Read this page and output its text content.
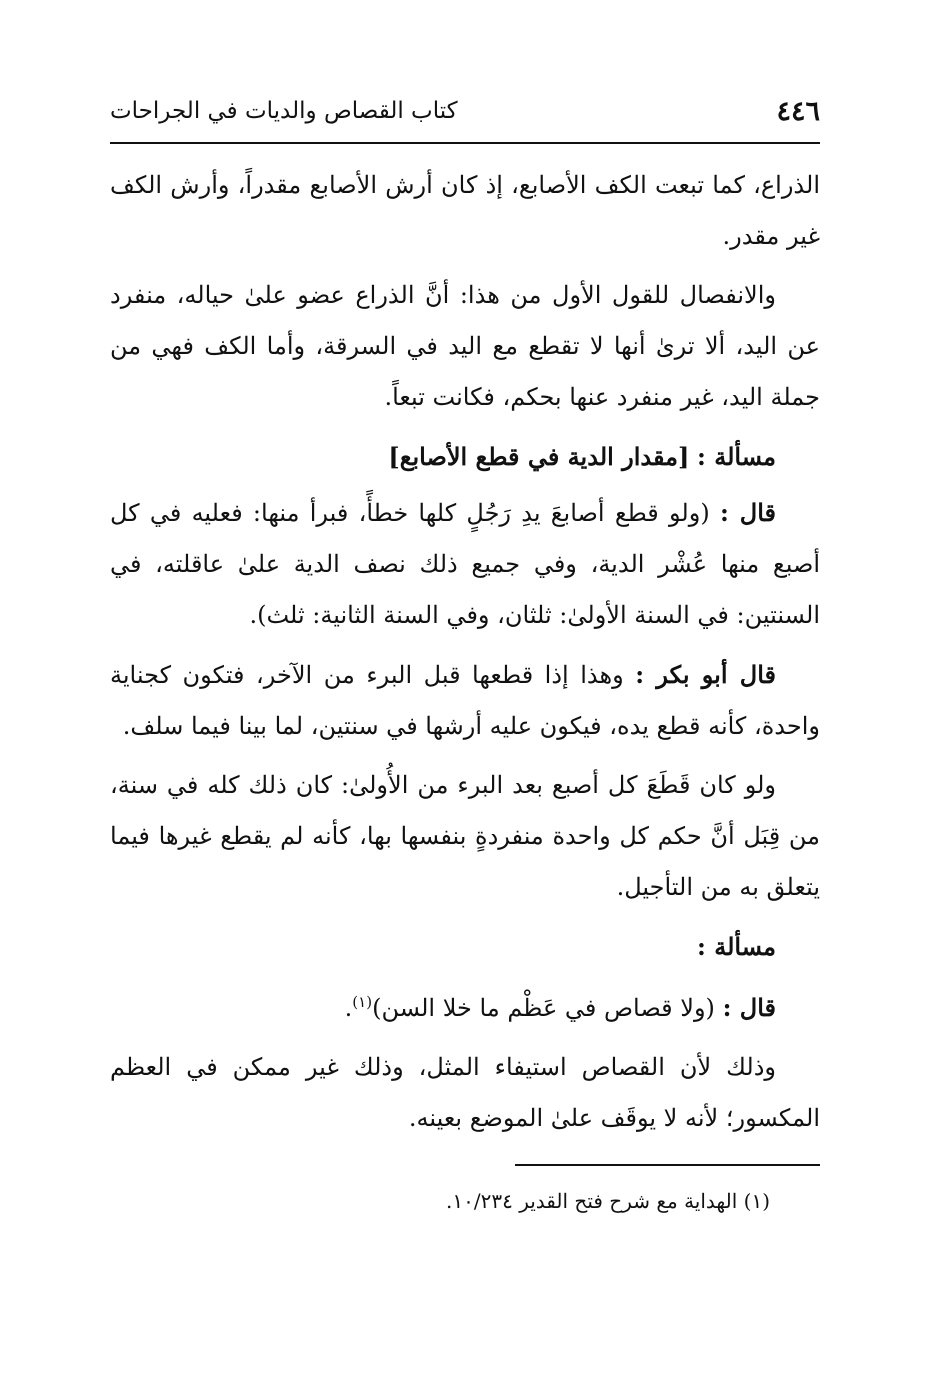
٤٤٦
كتاب القصاص والديات في الجراحات

الذراع، كما تبعت الكف الأصابع، إذ كان أرش الأصابع مقدراً، وأرش الكف غير مقدر.

والانفصال للقول الأول من هذا: أنَّ الذراع عضو علىٰ حياله، منفرد عن اليد، ألا ترىٰ أنها لا تقطع مع اليد في السرقة، وأما الكف فهي من جملة اليد، غير منفرد عنها بحكم، فكانت تبعاً.

مسألة : [مقدار الدية في قطع الأصابع]

قال : (ولو قطع أصابعَ يدِ رَجُلٍ كلها خطأً، فبرأ منها: فعليه في كل أصبع منها عُشْر الدية، وفي جميع ذلك نصف الدية علىٰ عاقلته، في السنتين: في السنة الأولىٰ: ثلثان، وفي السنة الثانية: ثلث).

قال أبو بكر : وهذا إذا قطعها قبل البرء من الآخر، فتكون كجناية واحدة، كأنه قطع يده، فيكون عليه أرشها في سنتين، لما بينا فيما سلف.

ولو كان قَطَعَ كل أصبع بعد البرء من الأُولىٰ: كان ذلك كله في سنة، من قِبَل أنَّ حكم كل واحدة منفردةٍ بنفسها بها، كأنه لم يقطع غيرها فيما يتعلق به من التأجيل.

مسألة :

قال : (ولا قصاص في عَظْم ما خلا السن)$^{(١)}$.

وذلك لأن القصاص استيفاء المثل، وذلك غير ممكن في العظم المكسور؛ لأنه لا يوقَف علىٰ الموضع بعينه.

(١) الهداية مع شرح فتح القدير ١٠/٢٣٤.
